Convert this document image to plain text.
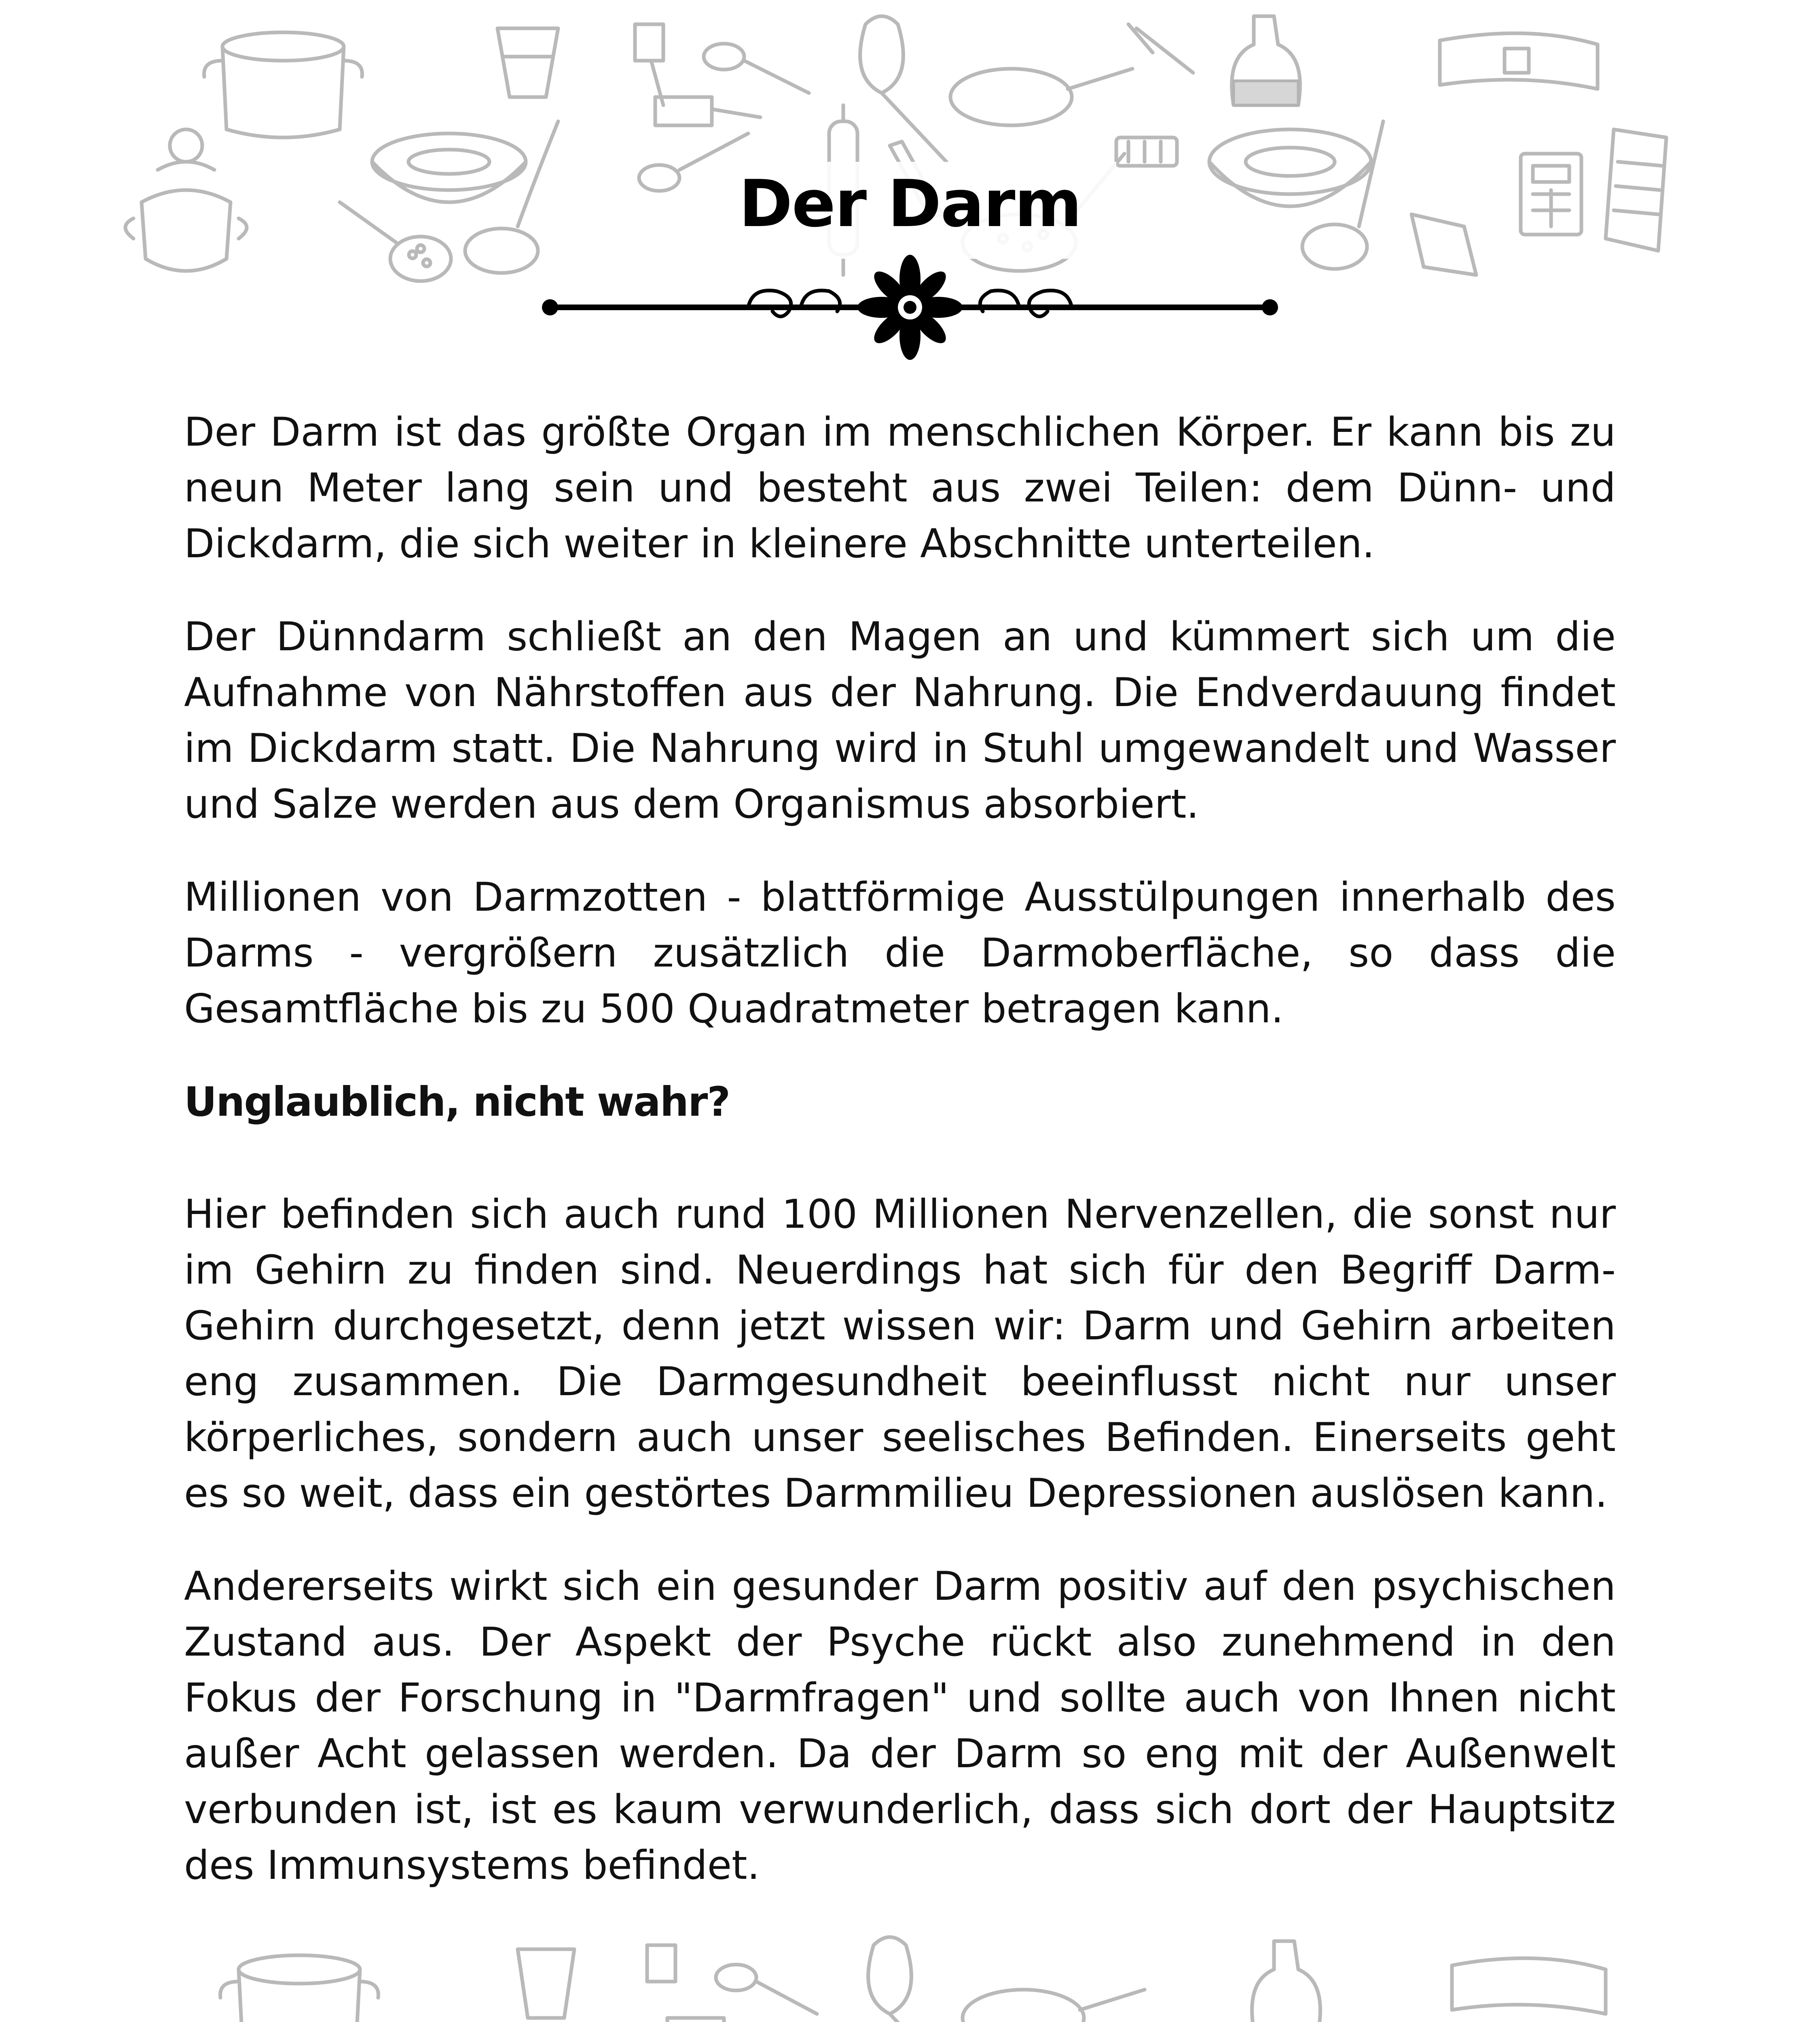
Der Darm

Der Darm ist das größte Organ im menschlichen Körper. Er kann bis zu neun Meter lang sein und besteht aus zwei Teilen: dem Dünn- und Dickdarm, die sich weiter in kleinere Abschnitte unterteilen.

Der Dünndarm schließt an den Magen an und kümmert sich um die Aufnahme von Nährstoffen aus der Nahrung. Die Endverdauung findet im Dickdarm statt. Die Nahrung wird in Stuhl umgewandelt und Wasser und Salze werden aus dem Organismus absorbiert.

Millionen von Darmzotten - blattförmige Ausstülpungen innerhalb des Darms - vergrößern zusätzlich die Darmoberfläche, so dass die Gesamtfläche bis zu 500 Quadratmeter betragen kann.

Unglaublich, nicht wahr?

Hier befinden sich auch rund 100 Millionen Nervenzellen, die sonst nur im Gehirn zu finden sind. Neuerdings hat sich für den Begriff Darm-Gehirn durchgesetzt, denn jetzt wissen wir: Darm und Gehirn arbeiten eng zusammen. Die Darmgesundheit beeinflusst nicht nur unser körperliches, sondern auch unser seelisches Befinden. Einerseits geht es so weit, dass ein gestörtes Darmmilieu Depressionen auslösen kann.

Andererseits wirkt sich ein gesunder Darm positiv auf den psychischen Zustand aus. Der Aspekt der Psyche rückt also zunehmend in den Fokus der Forschung in "Darmfragen" und sollte auch von Ihnen nicht außer Acht gelassen werden. Da der Darm so eng mit der Außenwelt verbunden ist, ist es kaum verwunderlich, dass sich dort der Hauptsitz des Immunsystems befindet.
